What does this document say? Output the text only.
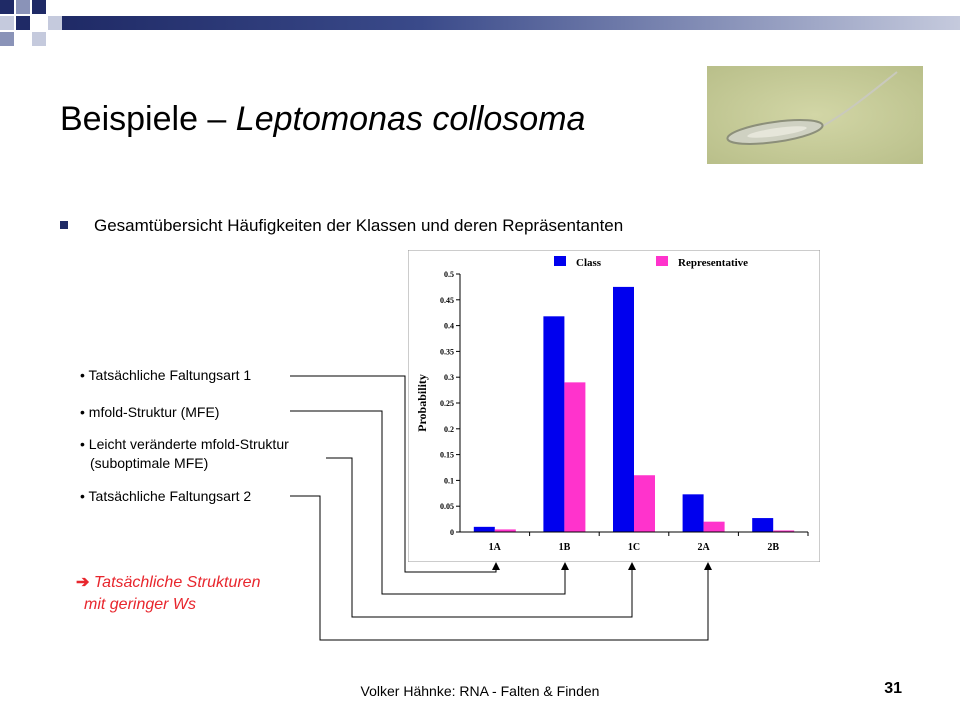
Beispiele – Leptomonas collosoma
Gesamtübersicht Häufigkeiten der Klassen und deren Repräsentanten
Class	Representative
Probability
0
0.05
0.1
0.15
0.2
0.25
0.3
0.35
0.4
0.45
0.5
1A	1B	1C	2A	2B
• Tatsächliche Faltungsart 1
• mfold-Struktur (MFE)
• Leicht veränderte mfold-Struktur
(suboptimale MFE)
• Tatsächliche Faltungsart 2
➔ Tatsächliche Strukturen
mit geringer Ws
Volker Hähnke: RNA - Falten & Finden	31
